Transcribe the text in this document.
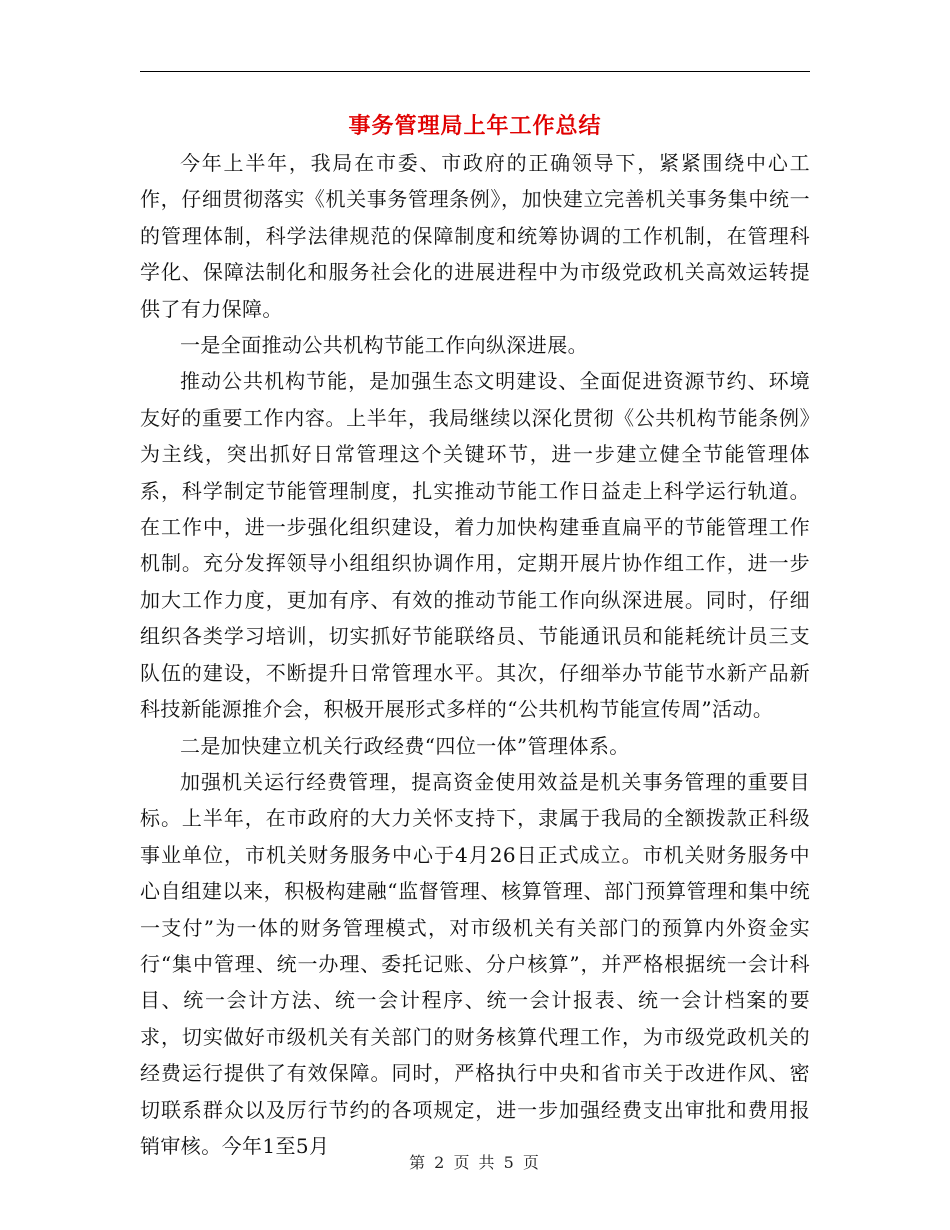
事务管理局上年工作总结

今年上半年，我局在市委、市政府的正确领导下，紧紧围绕中心工作，仔细贯彻落实《机关事务管理条例》，加快建立完善机关事务集中统一的管理体制，科学法律规范的保障制度和统筹协调的工作机制，在管理科学化、保障法制化和服务社会化的进展进程中为市级党政机关高效运转提供了有力保障。

一是全面推动公共机构节能工作向纵深进展。

推动公共机构节能，是加强生态文明建设、全面促进资源节约、环境友好的重要工作内容。上半年，我局继续以深化贯彻《公共机构节能条例》为主线，突出抓好日常管理这个关键环节，进一步建立健全节能管理体系，科学制定节能管理制度，扎实推动节能工作日益走上科学运行轨道。在工作中，进一步强化组织建设，着力加快构建垂直扁平的节能管理工作机制。充分发挥领导小组组织协调作用，定期开展片协作组工作，进一步加大工作力度，更加有序、有效的推动节能工作向纵深进展。同时，仔细组织各类学习培训，切实抓好节能联络员、节能通讯员和能耗统计员三支队伍的建设，不断提升日常管理水平。其次，仔细举办节能节水新产品新科技新能源推介会，积极开展形式多样的“公共机构节能宣传周”活动。

二是加快建立机关行政经费“四位一体”管理体系。

加强机关运行经费管理，提高资金使用效益是机关事务管理的重要目标。上半年，在市政府的大力关怀支持下，隶属于我局的全额拨款正科级事业单位，市机关财务服务中心于4月26日正式成立。市机关财务服务中心自组建以来，积极构建融“监督管理、核算管理、部门预算管理和集中统一支付”为一体的财务管理模式，对市级机关有关部门的预算内外资金实行“集中管理、统一办理、委托记账、分户核算”，并严格根据统一会计科目、统一会计方法、统一会计程序、统一会计报表、统一会计档案的要求，切实做好市级机关有关部门的财务核算代理工作，为市级党政机关的经费运行提供了有效保障。同时，严格执行中央和省市关于改进作风、密切联系群众以及厉行节约的各项规定，进一步加强经费支出审批和费用报销审核。今年1至5月

第 2 页 共 5 页
